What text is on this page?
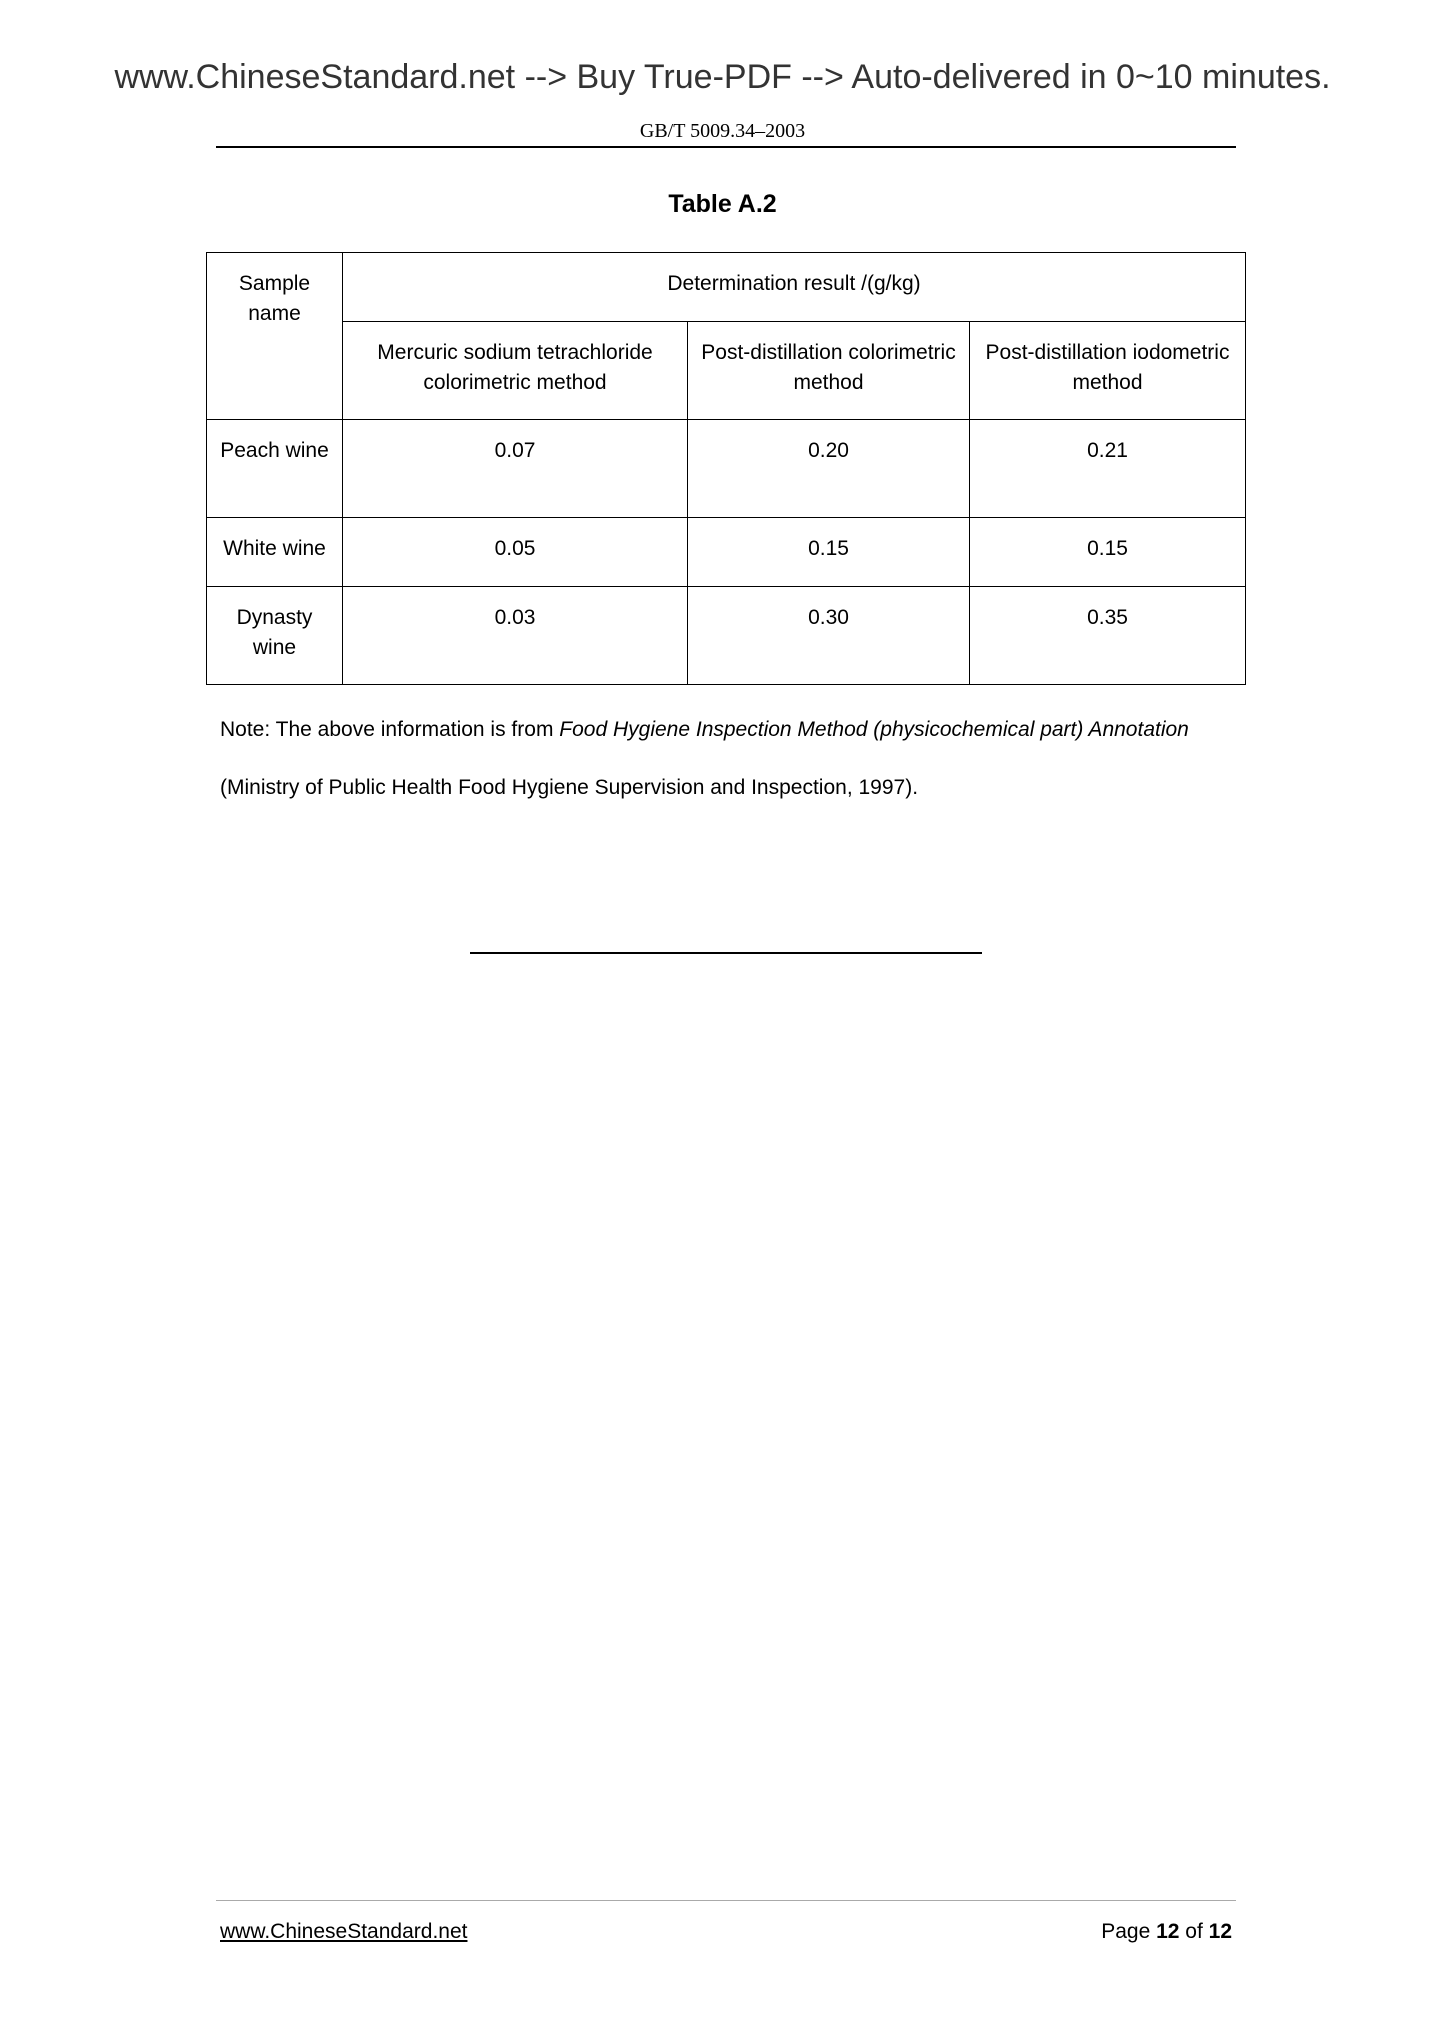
www.ChineseStandard.net --> Buy True-PDF --> Auto-delivered in 0~10 minutes.
GB/T 5009.34–2003
Table A.2
Sample name	Determination result /(g/kg)		
	Mercuric sodium tetrachloride colorimetric method	Post-distillation colorimetric method	Post-distillation iodometric method
Peach wine	0.07	0.20	0.21
White wine	0.05	0.15	0.15
Dynasty wine	0.03	0.30	0.35
Note: The above information is from Food Hygiene Inspection Method (physicochemical part) Annotation
(Ministry of Public Health Food Hygiene Supervision and Inspection, 1997).
www.ChineseStandard.net	Page 12 of 12
